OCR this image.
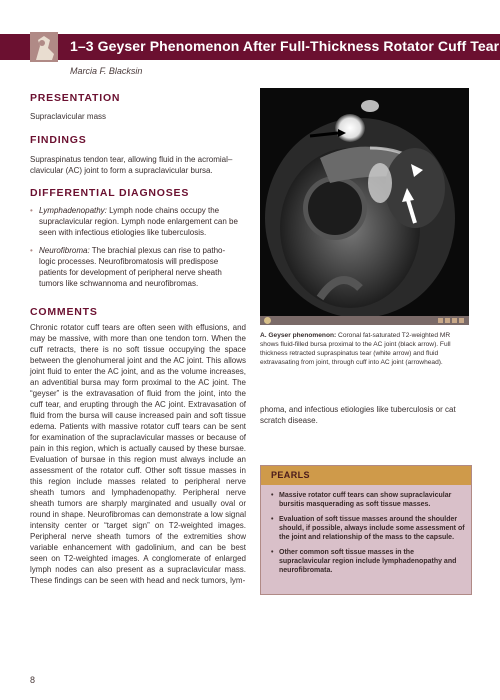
1–3 Geyser Phenomenon After Full-Thickness Rotator Cuff Tear
Marcia F. Blacksin
PRESENTATION
Supraclavicular mass
FINDINGS
Supraspinatus tendon tear, allowing fluid in the acromial–
clavicular (AC) joint to form a supraclavicular bursa.
DIFFERENTIAL DIAGNOSES
• Lymphadenopathy: Lymph node chains occupy the
supraclavicular region. Lymph node enlargement can be
seen with infectious etiologies like tuberculosis.
• Neurofibroma: The brachial plexus can rise to patho-
logic processes. Neurofibromatosis will predispose
patients for development of peripheral nerve sheath
tumors like schwannoma and neurofibromas.
COMMENTS
Chronic rotator cuff tears are often seen with effusions, and may be massive, with more than one tendon torn. When the cuff retracts, there is no soft tissue occupying the space between the glenohumeral joint and the AC joint. This allows joint fluid to enter the AC joint, and as the volume increases, an adventitial bursa may form proximal to the AC joint. The “geyser” is the extravasation of fluid from the joint, into the cuff tear, and erupting through the AC joint. Extravasation of fluid from the bursa will cause increased pain and soft tissue edema. Patients with massive rotator cuff tears can be sent for examination of the supraclavicular masses or because of pain in this region, which is actually caused by these bursae. Evaluation of bursae in this region must always include an assessment of the rotator cuff. Other soft tissue masses in this region include masses related to peripheral nerve sheath tumors and lymphadenopathy. Peripheral nerve sheath tumors are sharply marginated and usually oval or round in shape. Neurofibromas can demonstrate a low signal intensity center or “target sign” on T2-weighted images. Peripheral nerve sheath tumors of the extremities show variable enhancement with gadolinium, and can be best seen on T2-weighted images. A conglomerate of enlarged lymph nodes can also present as a supraclavicular mass. These findings can be seen with head and neck tumors, lym-
A. Geyser phenomenon: Coronal fat-saturated T2-weighted MR shows fluid-filled bursa proximal to the AC joint (black arrow). Full thickness retracted supraspinatus tear (white arrow) and fluid extravasating from joint, through cuff into AC joint (arrowhead).
phoma, and infectious etiologies like tuberculosis or cat scratch disease.
PEARLS
• Massive rotator cuff tears can show supraclavicular bursitis masquerading as soft tissue masses.
• Evaluation of soft tissue masses around the shoulder should, if possible, always include some assessment of the joint and relationship of the mass to the capsule.
• Other common soft tissue masses in the supraclavicular region include lymphadenopathy and neurofibromata.
8
